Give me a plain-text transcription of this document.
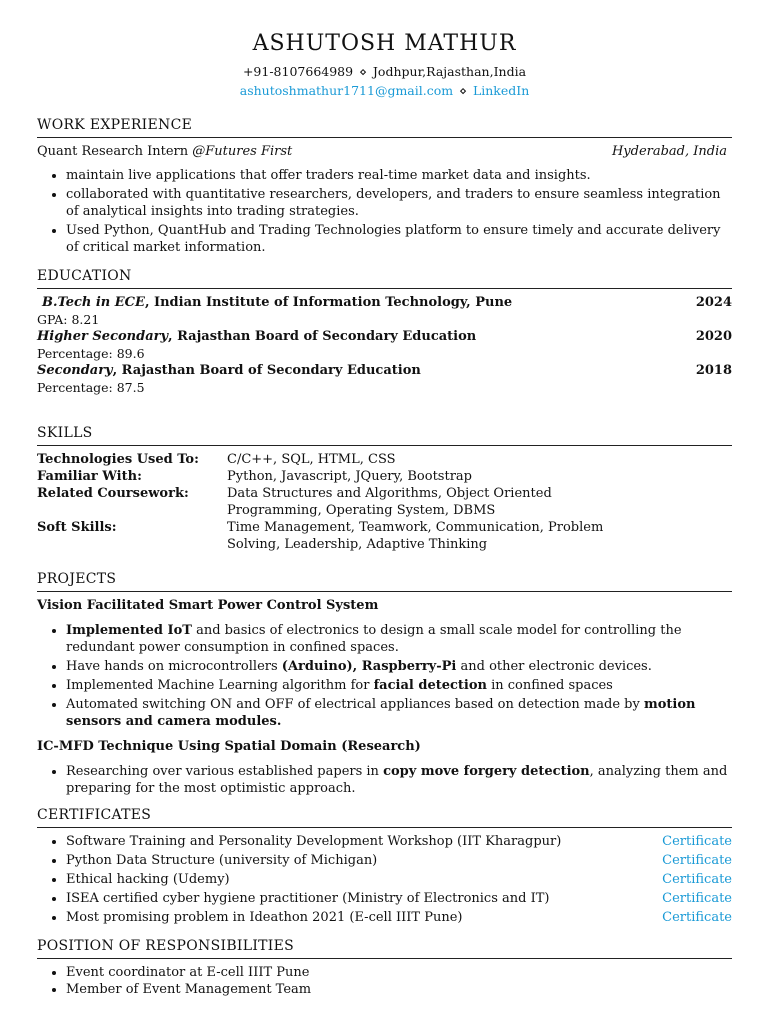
ASHUTOSH MATHUR
+91-8107664989 ⋄ Jodhpur,Rajasthan,India
ashutoshmathur1711@gmail.com ⋄ LinkedIn
WORK EXPERIENCE
Quant Research Intern @Futures First	Hyderabad, India
• maintain live applications that offer traders real-time market data and insights.
• collaborated with quantitative researchers, developers, and traders to ensure seamless integration of analytical insights into trading strategies.
• Used Python, QuantHub and Trading Technologies platform to ensure timely and accurate delivery of critical market information.
EDUCATION
B.Tech in ECE, Indian Institute of Information Technology, Pune	2024
GPA: 8.21
Higher Secondary, Rajasthan Board of Secondary Education	2020
Percentage: 89.6
Secondary, Rajasthan Board of Secondary Education	2018
Percentage: 87.5
SKILLS
Technologies Used To:	C/C++, SQL, HTML, CSS
Familiar With:	Python, Javascript, JQuery, Bootstrap
Related Coursework:	Data Structures and Algorithms, Object Oriented Programming, Operating System, DBMS
Soft Skills:	Time Management, Teamwork, Communication, Problem Solving, Leadership, Adaptive Thinking
PROJECTS
Vision Facilitated Smart Power Control System
• Implemented IoT and basics of electronics to design a small scale model for controlling the redundant power consumption in confined spaces.
• Have hands on microcontrollers (Arduino), Raspberry-Pi and other electronic devices.
• Implemented Machine Learning algorithm for facial detection in confined spaces
• Automated switching ON and OFF of electrical appliances based on detection made by motion sensors and camera modules.
IC-MFD Technique Using Spatial Domain (Research)
• Researching over various established papers in copy move forgery detection, analyzing them and preparing for the most optimistic approach.
CERTIFICATES
• Software Training and Personality Development Workshop (IIT Kharagpur)	Certificate
• Python Data Structure (university of Michigan)	Certificate
• Ethical hacking (Udemy)	Certificate
• ISEA certified cyber hygiene practitioner (Ministry of Electronics and IT)	Certificate
• Most promising problem in Ideathon 2021 (E-cell IIIT Pune)	Certificate
POSITION OF RESPONSIBILITIES
• Event coordinator at E-cell IIIT Pune
• Member of Event Management Team
